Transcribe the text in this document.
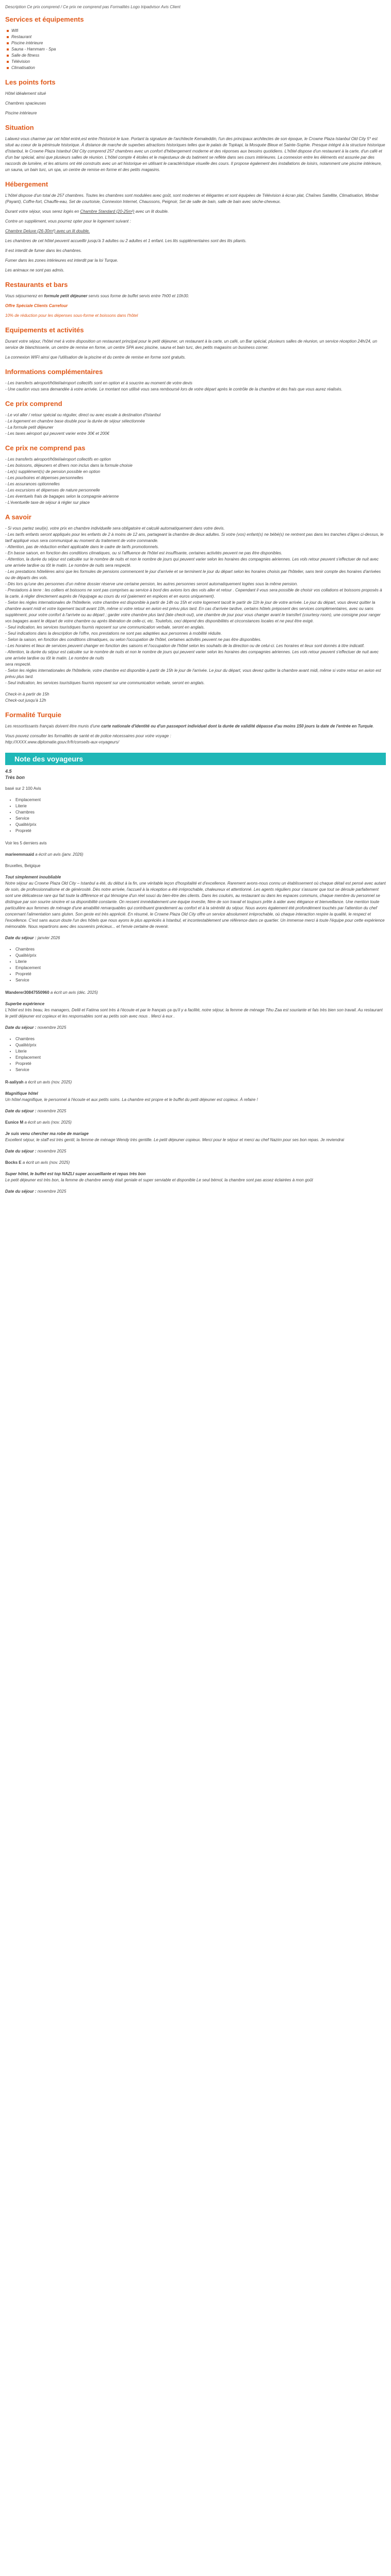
Description Ce prix comprend / Ce prix ne comprend pas Formalités Logo tripadvisor Avis Client
Services et équipements
Wifi
Restaurant
Piscine intérieure
Sauna - Hammam - Spa
Salle de fitness
Télévision
Climatisation
Les points forts

Hôtel idéalement situé

Chambres spacieuses

Piscine intérieure

Situation

Lalavez-vous charmer par cet hôtel entré,est entre l'historicé le luxe. Portant la signature de l'architecte Kemaleddin, l'un des principaux architectes de son époque, le Crowne Plaza Istanbul Old City 5* est situé au coeur de la péninsule historique. À distance de marche de superbes attractions historiques telles que le palais de Topkapi, la Mosquée Bleue et Sainte-Sophie. Presque intégré à la structure historique d'Istanbul, le Crowne Plaza Istanbul Old City comprend 257 chambres avec un confort d'hébergement moderne et des réponses aux besoins quotidiens. L'hôtel dispose d'un restaurant à la carte, d'un café et d'un bar spécial, ainsi que plusieurs salles de réunion. L'hôtel compte 4 étoiles et le majestueux de du batiment se reflète dans ses cours intérieures. La connexion entre les éléments est assurée par des raccords de lumière, et les atriums ont été construits avec un art historique en utilisant le caractéristique visuelle des cours. Il propose également des installations de loisirs, notamment une piscine intérieure, un sauna, un bain turc, un spa, un centre de remise en forme et des petits magasins.

Hébergement

L'hôtel dispose d'un total de 257 chambres. Toutes les chambres sont modulées avec goût, sont modernes et élégantes et sont équipées de Télévision à écran plat, Chaînes Satellite, Climatisation, Minibar (Payant), Coffre-fort, Chauffe-eau, Set de courtoisie, Connexion Internet, Chaussons, Peignoir, Set de salle de bain, salle de bain avec sèche-cheveux.

Durant votre séjour, vous serez logés en Chambre Standard (20-25m²) avec un lit double.

Contre un supplément, vous pourrez opter pour le logement suivant :

Chambre Deluxe (26-30m²) avec un lit double.

Les chambres de cet hôtel peuvent accueillir jusqu'à 3 adultes ou 2 adultes et 1 enfant. Les lits supplémentaires sont des lits pliants.

Il est interdit de fumer dans les chambres.

Fumer dans les zones intérieures est interdit par la loi Turque.

Les animaux ne sont pas admis.

Restaurants et bars

Vous séjournerez en formule petit déjeuner servis sous forme de buffet servis entre 7h00 et 10h30.

Offre Spéciale Clients Carrefour

10% de réduction pour les dépenses sous-forme et boissons dans l'hôtel

Equipements et activités

Durant votre séjour, l'hôtel met à votre disposition un restaurant principal pour le petit déjeuner, un restaurant à la carte, un café, un Bar spécial, plusieurs salles de réunion, un service réception 24h/24, un service de blanchisserie, un centre de remise en forme, un centre SPA avec piscine, sauna et bain turc, des petits magasins un business corner.

La connexion WIFI ainsi que l'utilisation de la piscine et du centre de remise en forme sont gratuits.

Informations complémentaires
- Les transferts aéroport/hôtel/aéroport collectifs sont en option et à soucrire au moment de votre devis
- Une caution vous sera demandée à votre arrivée. Le montant non utilisé vous sera remboursé lors de votre départ après le contrôle de la chambre et des frais que vous aurez réalisés.
Ce prix comprend
- Le vol aller / retour spécial ou régulier, direct ou avec escale à destination d'Istanbul
- Le logement en chambre base double pour la durée de séjour sélectionnée
- La formule petit déjeuner
- Les taxes aéroport qui peuvent varier entre 30€ et 200€
Ce prix ne comprend pas
- Les transferts aéroport/hôtel/aéroport collectifs en option
- Les boissons, déjeuners et dîners non inclus dans la formule choisie
- Le(s) supplément(s) de pension possible en option
- Les pourboires et dépenses personnelles
- Les assurances optionnelles
- Les excursions et dépenses de nature personnelle
- Les éventuels frais de bagages selon la compagnie aérienne
- L'éventuelle taxe de séjour à régler sur place
A savoir
- Si vous partez seul(e), votre prix en chambre individuelle sera obligatoire et calculé automatiquement dans votre devis.
- Les tarifs enfants seront appliqués pour les enfants de 2 à moins de 12 ans, partageant la chambre de deux adultes. Si votre (vos) enfant(s) ne bébé(s) ne rentrent pas dans les tranches d'âges ci-dessus, le tarif appliqué vous sera communiqué au moment du traitement de votre commande.
- Attention, pas de réduction enfant applicable dans le cadre de tarifs promotionnels.
- En basse saison, en fonction des conditions climatiques, ou si l'affluence de l'hôtel est insuffisante, certaines activités peuvent ne pas être disponibles.
- Attention, la durée du séjour est calculée sur le nombre de nuits et non le nombre de jours qui peuvent varier selon les horaires des compagnies aériennes. Les vols retour peuvent s'effectuer de nuit avec une arrivée tardive ou tôt le matin. Le nombre de nuits sera respecté.
- Les prestations hôtelières ainsi que les formules de pensions commencent le jour d'arrivée et se terminent le jour du départ selon les horaires choisis par l'hôtelier, sans tenir compte des horaires d'arrivées ou de départs des vols.
- Dès lors qu'une des personnes d'un même dossier réserve une certaine pension, les autres personnes seront automatiquement logées sous la même pension.
- Prestations à terre : les colliers et boissons ne sont pas comprises au service à bord des avions lors des vols aller et retour . Cependant il vous sera possible de choisir vos collations et boissons proposés à la carte, à régler directement auprès de l'équipage au cours du vol (paiement en espèces et en euros uniquement).
- Selon les règles internationales de l'hôtellerie, votre chambre est disponible à partir de 14h ou 15h et votre logement tacolt le partir de 11h le jour de votre arrivée. Le jour du départ, vous devez quitter la chambre avant midi et votre logement tacolt avant 10h, même si votre retour en avion est prévu plus tard. En cas d'arrivée tardive, certains hôtels préposent des services complémentaires, avec ou sans supplément, pour votre confort à l'arrivée ou au départ ; garder votre chambre plus tard (late check-out), une chambre de jour pour vous changer avant le transfert (courtesy room), une consigne pour ranger vos bagages avant le départ de votre chambre ou après libération de celle-ci, etc. Toutefois, ceci dépend des disponibilités et circonstances locales et ne peut être exigé.
- Seul indication, les services touristiques fournis reposent sur une communication verbale, seront en anglais.
- Seul indications dans la description de l'offre, nos prestations ne sont pas adaptées aux personnes à mobilité réduite.
- Selon la saison, en fonction des conditions climatiques, ou selon l'occupation de l'hôtel, certaines activités peuvent ne pas être disponibles.
- Les horaires et lieux de services peuvent changer en fonction des saisons et l'occupation de l'hôtel selon les souhaits de la direction ou de celui-ci. Les horaires et lieux sont donnés à titre indicatif.
- Attention, la durée du séjour est calculée sur le nombre de nuits et non le nombre de jours qui peuvent varier selon les horaires des compagnies aériennes. Les vols retour peuvent s'effectuer de nuit avec une arrivée tardive ou tôt le matin. Le nombre de nuits
sera respecté.
- Selon les règles internationales de l'hôtellerie, votre chambre est disponible à partir de 15h le jour de l'arrivée. Le jour du départ, vous devez quitter la chambre avant midi, même si votre retour en avion est prévu plus tard.
- Seul indication, les services touristiques fournis reposent sur une communication verbale, seront en anglais.

Check-in à partir de 15h

Check-out jusqu'à 12h

Formalité Turquie

Les ressortissants français doivent être munis d'une carte nationale d'identité ou d'un passeport individuel dont la durée de validité dépasse d'au moins 150 jours la date de l'entrée en Turquie.

Vous pouvez consulter les formalités de santé et de police nécessaires pour votre voyage :

http://XXXX.www.diplomatie.gouv.fr/fr/conseils-aux-voyageurs/

Note des voyageurs

4.5

Très bon

basé sur 2 100 Avis

• Emplacement
• Literie
• Chambres
• Service
• Qualité/prix
• Propreté

Voir les 5 derniers avis

marieemmaaid a écrit un avis (janv. 2026)

Bruxelles, Belgique

Tout simplement inoubliable

Notre séjour au Crowne Plaza Old City – Istanbul a été, du début à la fin, une véritable leçon d'hospitalité et d'excellence. Rarement avons-nous connu un établissement où chaque détail est pensé avec autant de soin, de professionnalisme et de générosité. Dès notre arrivée, l'accueil à la réception a été irréprochable, chaleureux et attentionné. Les agents réguliers pour s'assurer que tout se déroule parfaitement sont une délicatesse rare qui fait toute la différence et qui témoigne d'un réel souci du bien-être des clients. Dans les couloirs, au restaurant ou dans les espaces communs, chaque membre du personnel se distingue par son sourire sincère et sa disponibilité constante. On ressent immédiatement une équipe investie, fière de son travail et toujours prête à aider avec élégance et bienveillance. Une mention toute particulière aux femmes de ménage d'une amabilité remarquables qui contribuent grandement au confort et à la sérénité du séjour. Nous avons également été profondément touchés par l'attention du chef concernant l'alimentation sans gluten. Son geste est très apprécié. En résumé, le Crowne Plaza Old City offre un service absolument irréprochable, où chaque interaction respire la qualité, le respect et l'excellence. C'est sans aucun doute l'un des hôtels que nous ayons le plus appréciés à Istanbul, et incontestablement une référence dans ce quartier. Un immense merci à toute l'équipe pour cette expérience mémorable. Nous repartirons avec des souvenirs précieux... et l'envie certaine de revenir.

Date du séjour : janvier 2026

• Chambres
• Qualité/prix
• Literie
• Emplacement
• Propreté
• Service

Wanderer30847550960 a écrit un avis (déc. 2025)

Superbe expérience

L'hôtel est très beau, les managers, Delili et Fatima sont très à l'écoute et par le français ça qu'il y a facilité, notre séjour, la femme de ménage Tihu Zaa est souriante et fais très bien son travail. Au restaurant le petit déjeuner est copieux et les responsables sont au petits soin avec nous . Merci à eux .

Date du séjour : novembre 2025

• Chambres
• Qualité/prix
• Literie
• Emplacement
• Propreté
• Service

R-aaliyah a écrit un avis (nov. 2025)

Magnifique hôtel

Un hôtel magnifique, le personnel à l'écoute et aux petits soins. La chambre est propre et le buffet du petit déjeuner est copieux. À refaire !

Date du séjour : novembre 2025

Eunice M a écrit un avis (nov. 2025)

Je suis venu chercher ma robe de mariage

Excellent séjour, le staff est très gentil, la femme de ménage Wendy très gentille. Le petit déjeuner copieux. Merci pour le séjour et merci au chef Nazim pour ses bon repas. Je reviendrai

Date du séjour : novembre 2025

Bocks E a écrit un avis (nov. 2025)

Super hôtel, le buffet est top NAZLI super accueillante et repas très bon

Le petit déjeuner est très bon, la femme de chambre wendy était geniale et super serviable et disponible Le seul bémol, la chambre sont pas assez éclairées à mon goût

Date du séjour : novembre 2025
